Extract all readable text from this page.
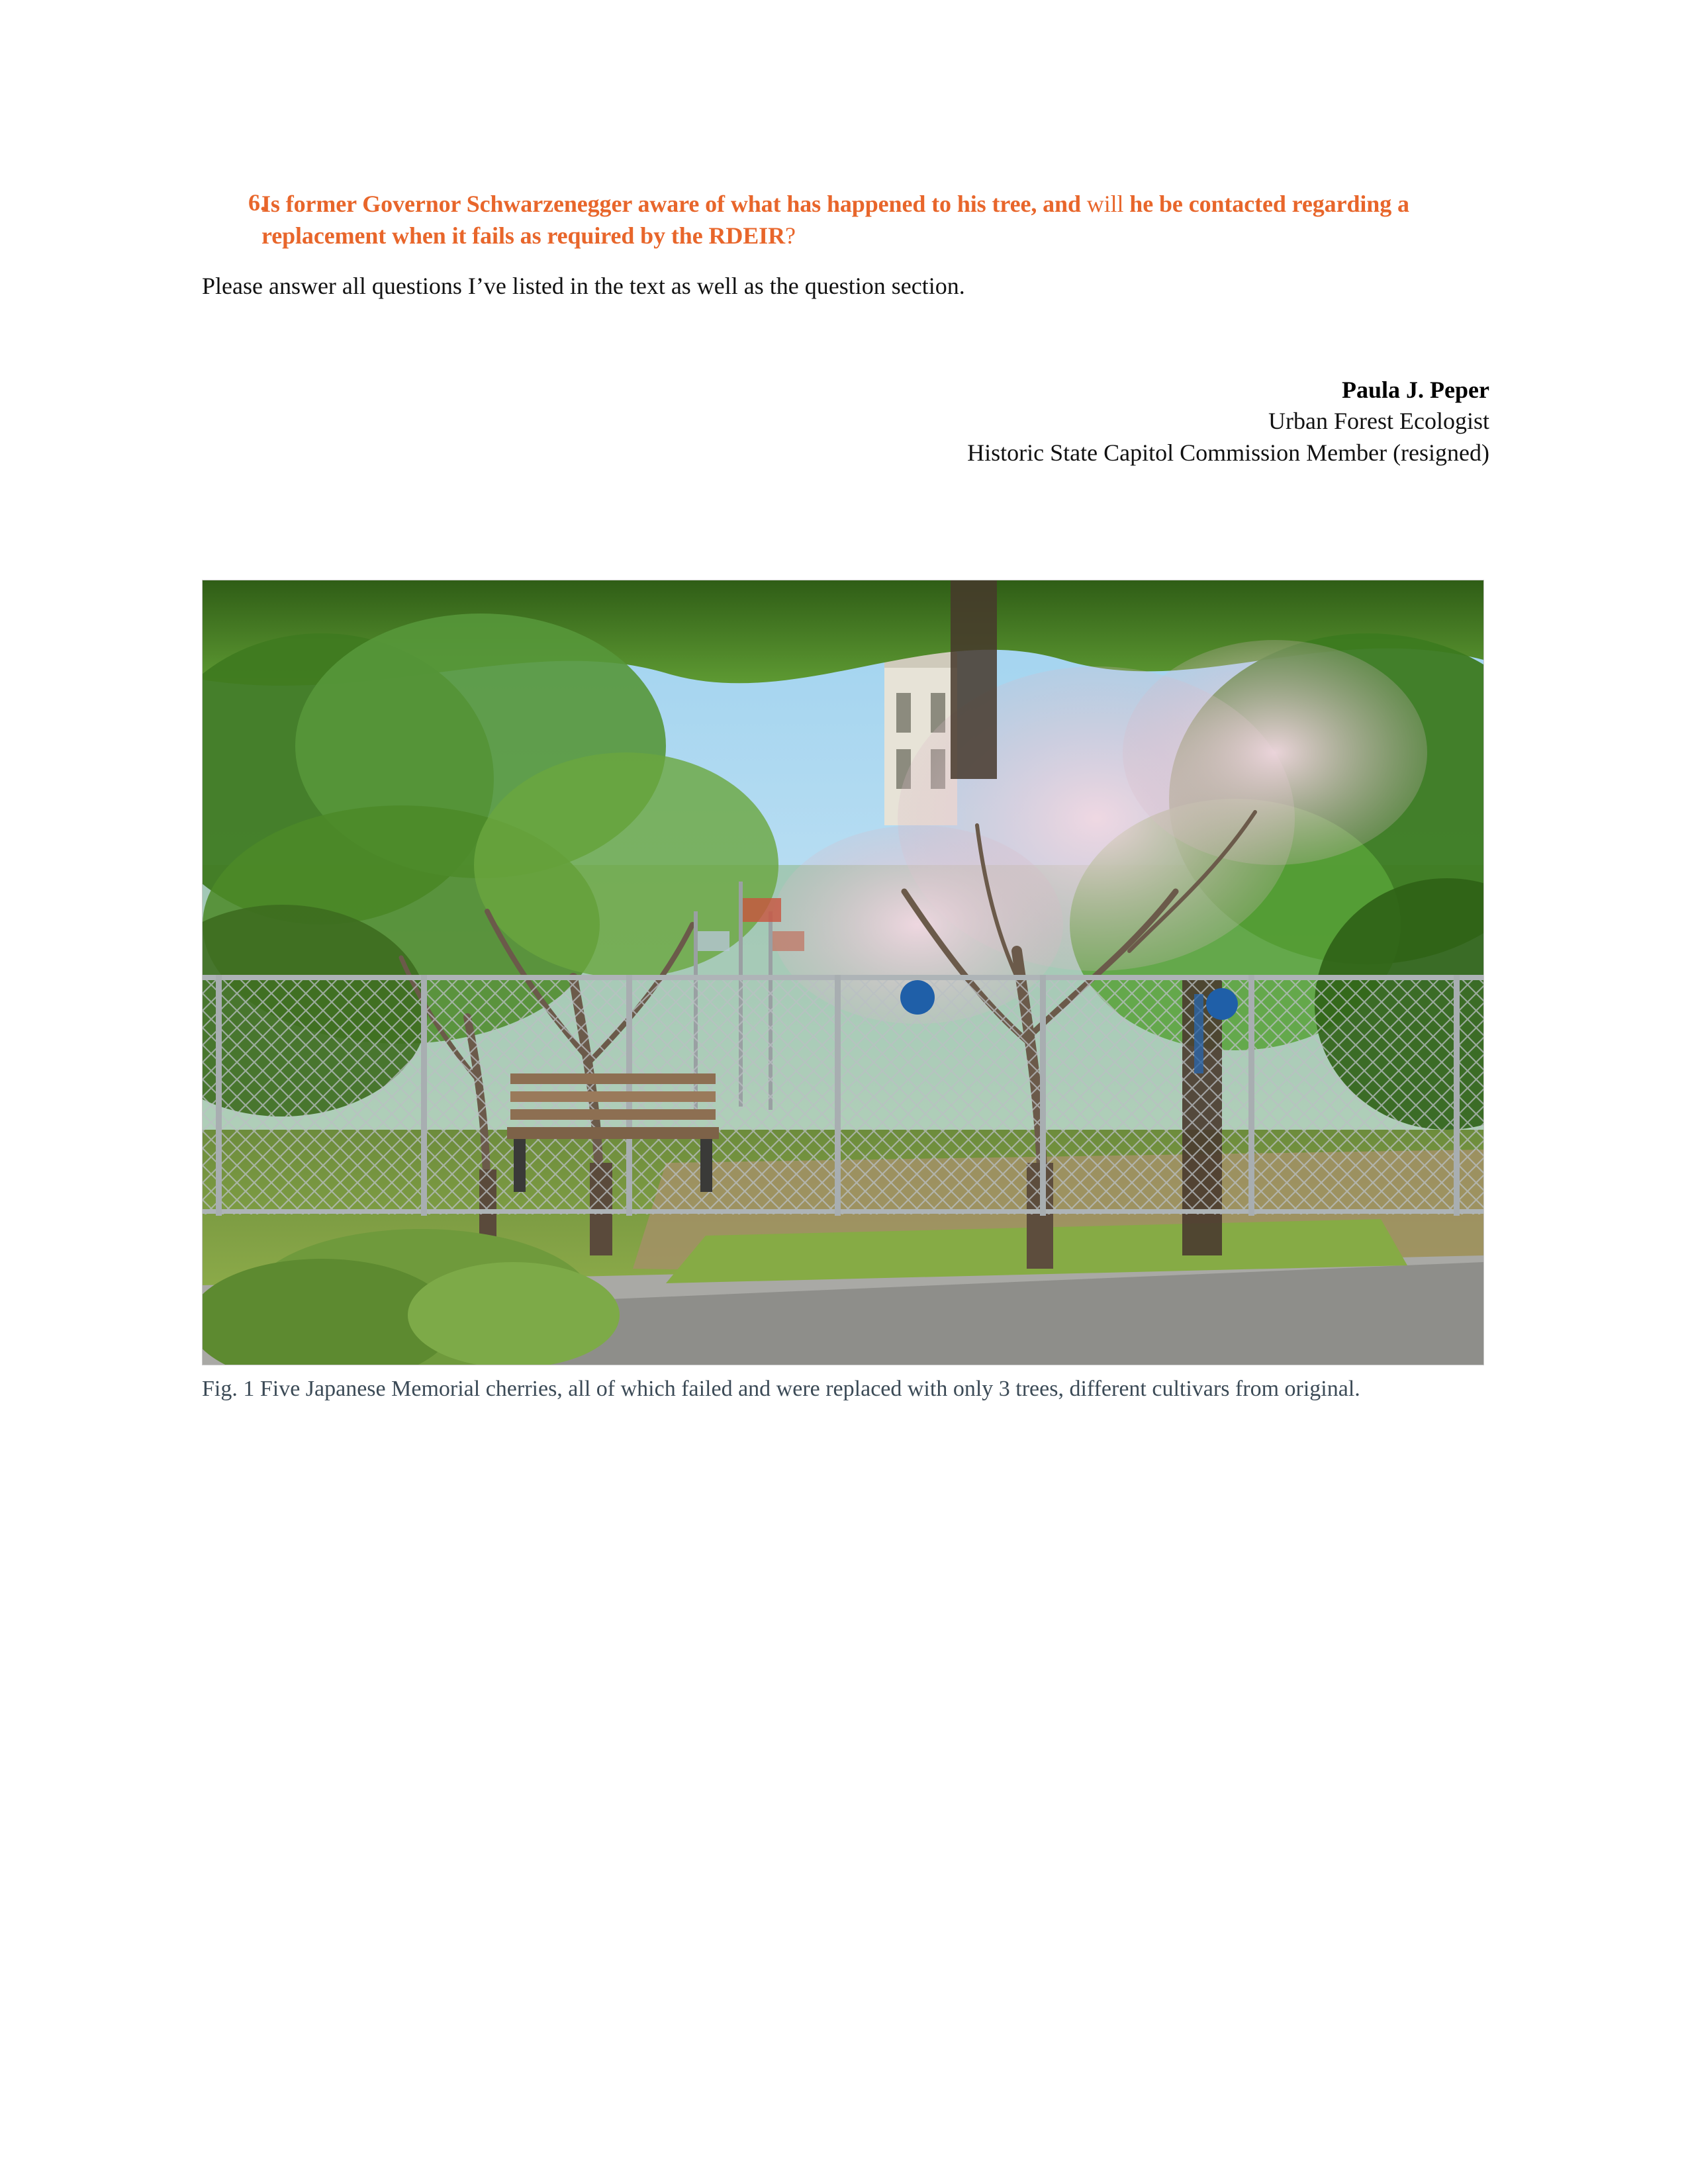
6.
Is former Governor Schwarzenegger aware of what has happened to his tree, and will he be contacted regarding a replacement when it fails as required by the RDEIR?

Please answer all questions I’ve listed in the text as well as the question section.

Paula J. Peper
Urban Forest Ecologist
Historic State Capitol Commission Member (resigned)
Fig. 1 Five Japanese Memorial cherries, all of which failed and were replaced with only 3 trees, different cultivars from original.
